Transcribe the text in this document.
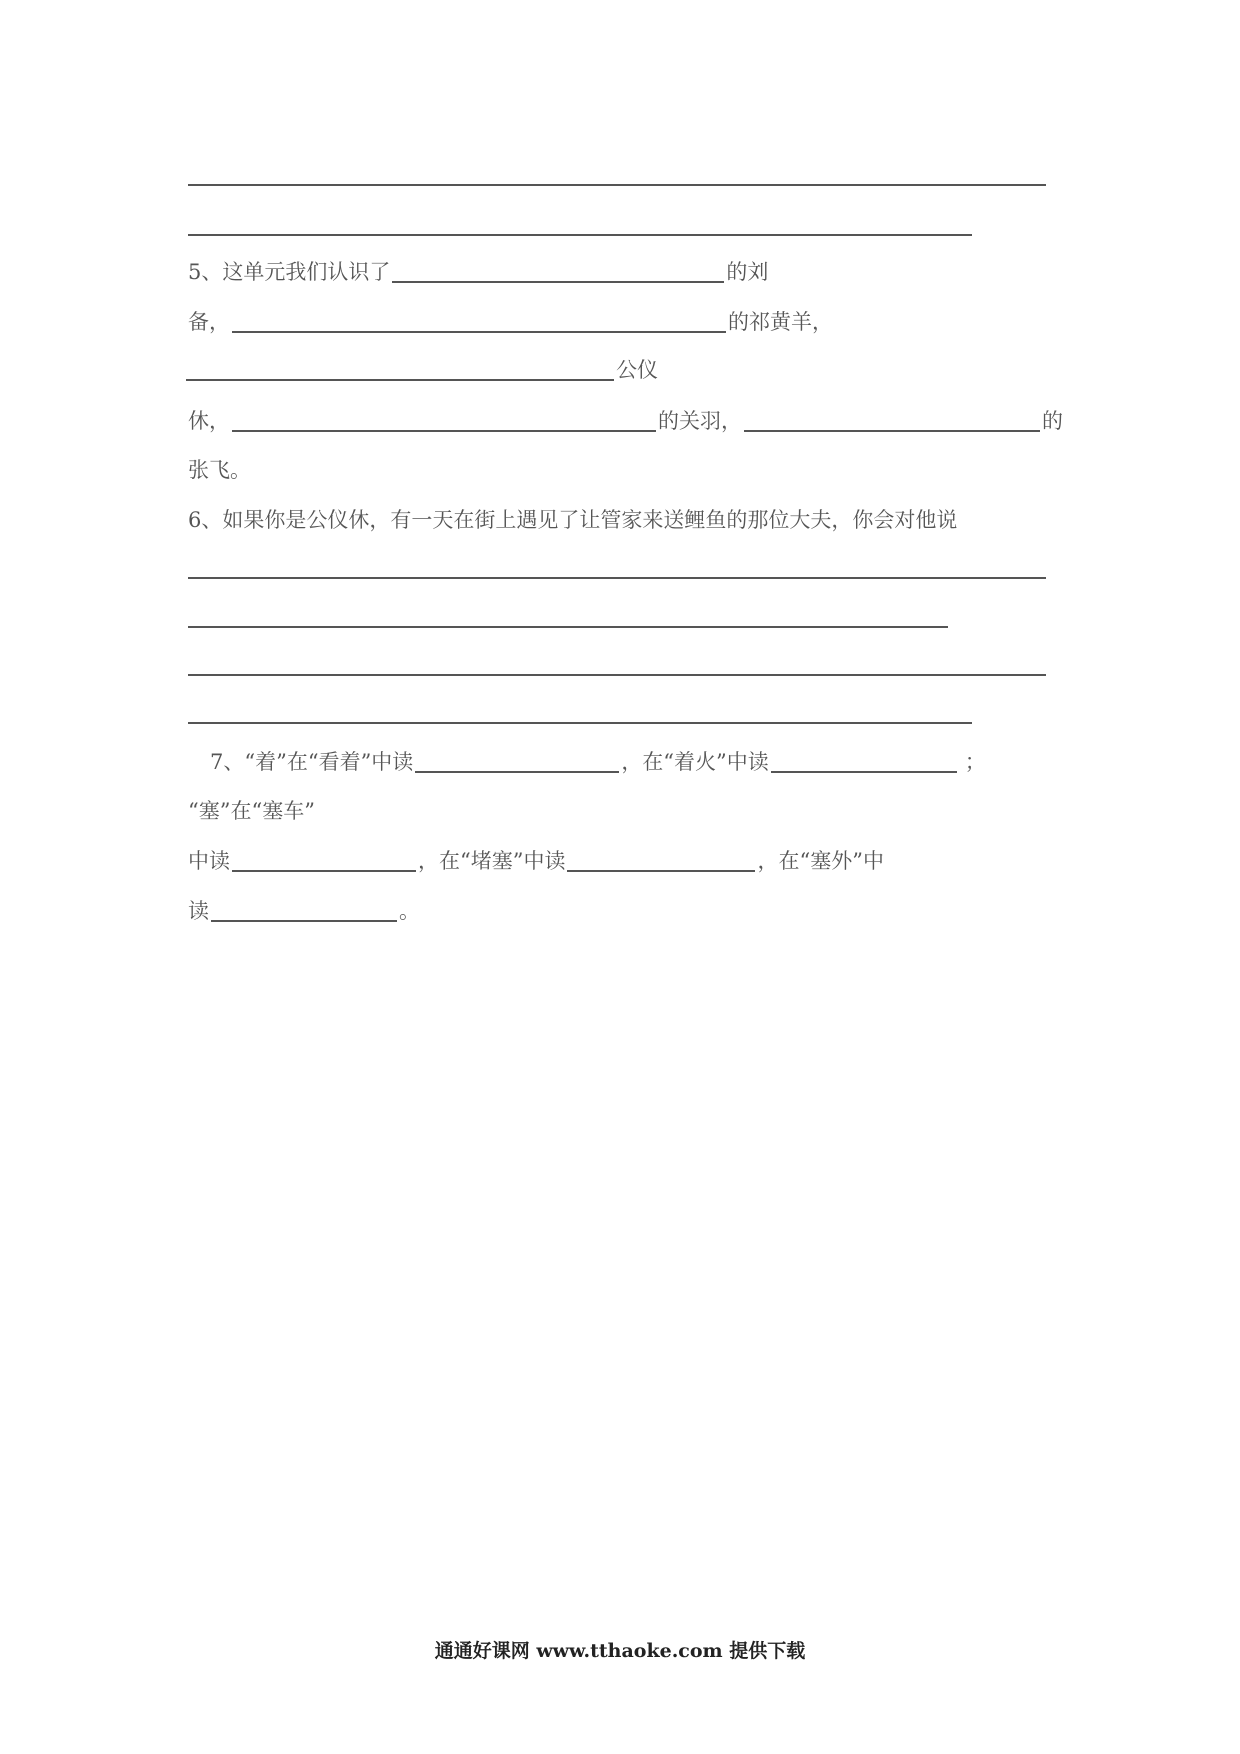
5、这单元我们认识了	的刘
备，	的祁黄羊，
公仪
休，	的关羽，	的
张飞。
6、如果你是公仪休，有一天在街上遇见了让管家来送鲤鱼的那位大夫，你会对他说
7、“着”在“看着”中读	，在“着火”中读	；
“塞”在“塞车”
中读	，在“堵塞”中读	，在“塞外”中
读	。
通通好课网 www.tthaoke.com 提供下载
